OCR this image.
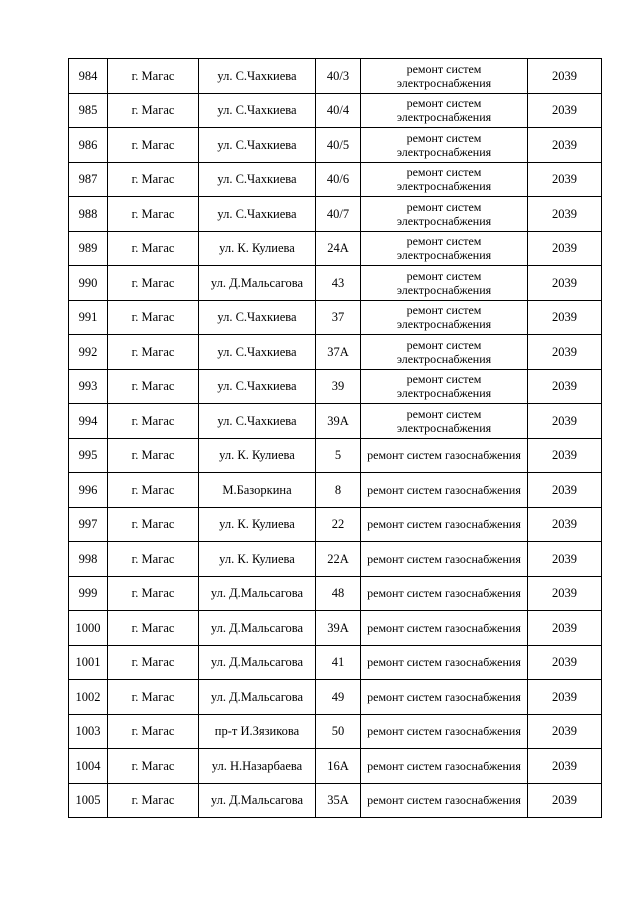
984	г. Магас	ул. С.Чахкиева	40/3	ремонт систем электроснабжения	2039
985	г. Магас	ул. С.Чахкиева	40/4	ремонт систем электроснабжения	2039
986	г. Магас	ул. С.Чахкиева	40/5	ремонт систем электроснабжения	2039
987	г. Магас	ул. С.Чахкиева	40/6	ремонт систем электроснабжения	2039
988	г. Магас	ул. С.Чахкиева	40/7	ремонт систем электроснабжения	2039
989	г. Магас	ул. К. Кулиева	24А	ремонт систем электроснабжения	2039
990	г. Магас	ул. Д.Мальсагова	43	ремонт систем электроснабжения	2039
991	г. Магас	ул. С.Чахкиева	37	ремонт систем электроснабжения	2039
992	г. Магас	ул. С.Чахкиева	37А	ремонт систем электроснабжения	2039
993	г. Магас	ул. С.Чахкиева	39	ремонт систем электроснабжения	2039
994	г. Магас	ул. С.Чахкиева	39А	ремонт систем электроснабжения	2039
995	г. Магас	ул. К. Кулиева	5	ремонт систем газоснабжения	2039
996	г. Магас	М.Базоркина	8	ремонт систем газоснабжения	2039
997	г. Магас	ул. К. Кулиева	22	ремонт систем газоснабжения	2039
998	г. Магас	ул. К. Кулиева	22А	ремонт систем газоснабжения	2039
999	г. Магас	ул. Д.Мальсагова	48	ремонт систем газоснабжения	2039
1000	г. Магас	ул. Д.Мальсагова	39А	ремонт систем газоснабжения	2039
1001	г. Магас	ул. Д.Мальсагова	41	ремонт систем газоснабжения	2039
1002	г. Магас	ул. Д.Мальсагова	49	ремонт систем газоснабжения	2039
1003	г. Магас	пр-т И.Зязикова	50	ремонт систем газоснабжения	2039
1004	г. Магас	ул. Н.Назарбаева	16А	ремонт систем газоснабжения	2039
1005	г. Магас	ул. Д.Мальсагова	35А	ремонт систем газоснабжения	2039
